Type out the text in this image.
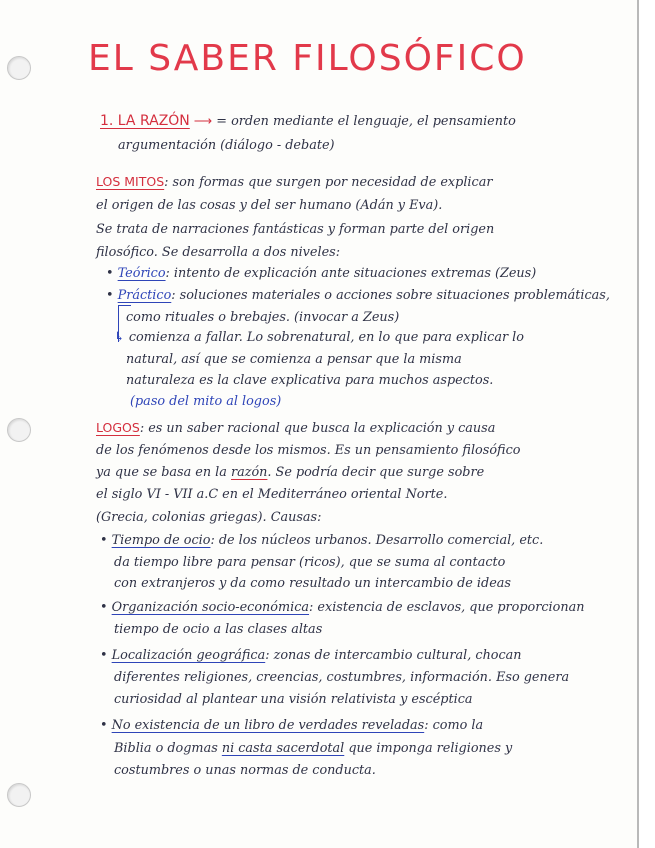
EL SABER FILOSÓFICO

1. LA RAZÓN ⟶ = orden mediante el lenguaje, el pensamiento

argumentación (diálogo - debate)

LOS MITOS: son formas que surgen por necesidad de explicar

el origen de las cosas y del ser humano (Adán y Eva).

Se trata de narraciones fantásticas y forman parte del origen

filosófico. Se desarrolla a dos niveles:

• Teórico: intento de explicación ante situaciones extremas (Zeus)

• Práctico: soluciones materiales o acciones sobre situaciones problemáticas,

como rituales o brebajes. (invocar a Zeus)

↳ comienza a fallar. Lo sobrenatural, en lo que para explicar lo

natural, así que se comienza a pensar que la misma

naturaleza es la clave explicativa para muchos aspectos.

(paso del mito al logos)

LOGOS: es un saber racional que busca la explicación y causa

de los fenómenos desde los mismos. Es un pensamiento filosófico

ya que se basa en la razón. Se podría decir que surge sobre

el siglo VI - VII a.C en el Mediterráneo oriental Norte.

(Grecia, colonias griegas). Causas:

• Tiempo de ocio: de los núcleos urbanos. Desarrollo comercial, etc.

da tiempo libre para pensar (ricos), que se suma al contacto

con extranjeros y da como resultado un intercambio de ideas

• Organización socio-económica: existencia de esclavos, que proporcionan

tiempo de ocio a las clases altas

• Localización geográfica: zonas de intercambio cultural, chocan

diferentes religiones, creencias, costumbres, información. Eso genera

curiosidad al plantear una visión relativista y escéptica

• No existencia de un libro de verdades reveladas: como la

Biblia o dogmas ni casta sacerdotal que imponga religiones y

costumbres o unas normas de conducta.
